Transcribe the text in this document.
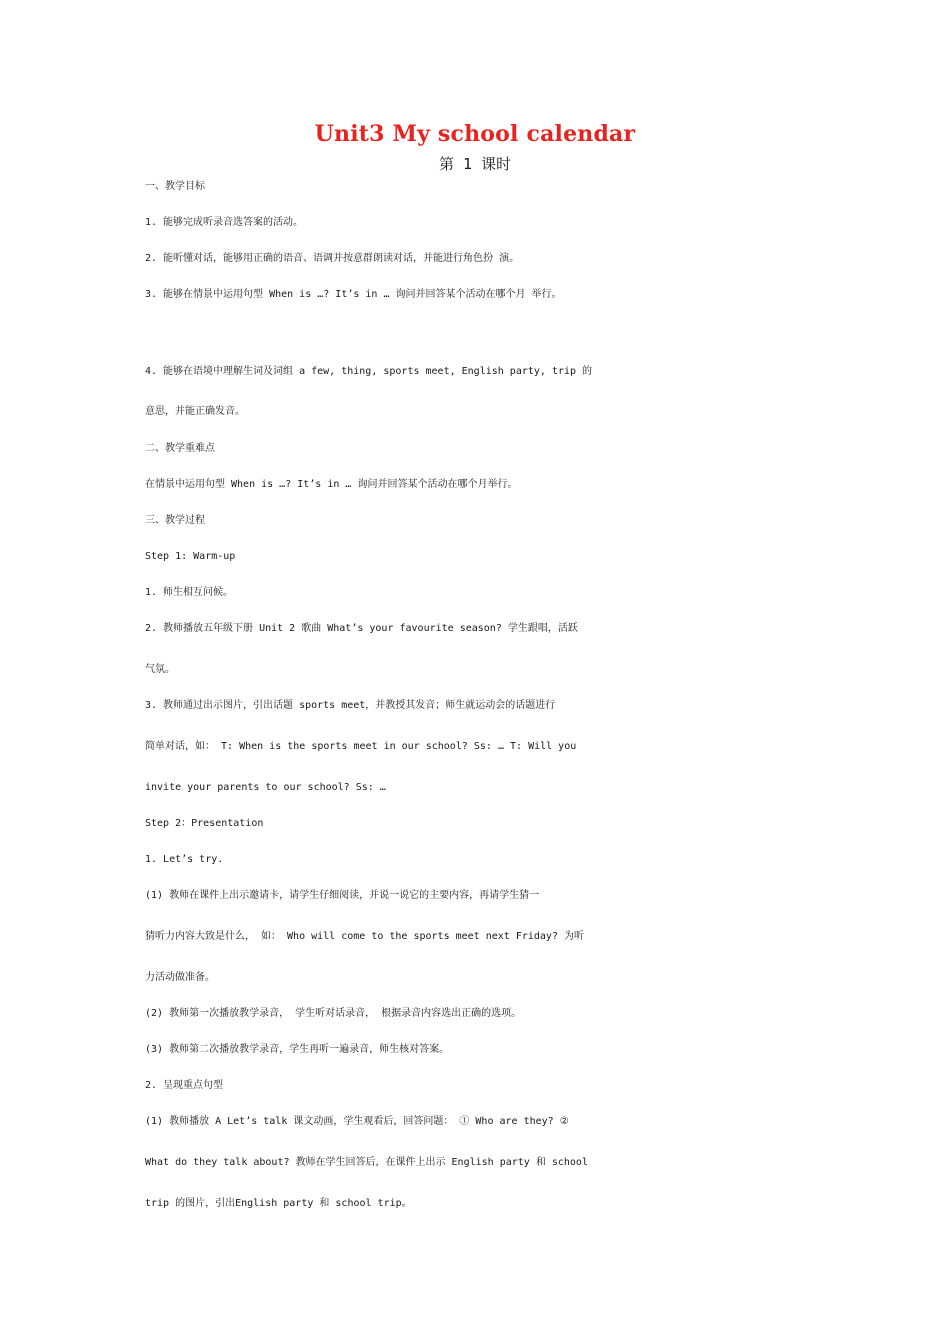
Unit3 My school calendar
第 1 课时
一、教学目标
1. 能够完成听录音选答案的活动。
2. 能听懂对话，能够用正确的语音、语调并按意群朗读对话，并能进行角色扮 演。
3. 能够在情景中运用句型 When is …? It’s in … 询问并回答某个活动在哪个月 举行。
4. 能够在语境中理解生词及词组 a few, thing, sports meet, English party, trip 的
意思，并能正确发音。
二、教学重难点
在情景中运用句型 When is …? It’s in … 询问并回答某个活动在哪个月举行。
三、教学过程
Step 1: Warm-up
1. 师生相互问候。
2. 教师播放五年级下册 Unit 2 歌曲 What’s your favourite season? 学生跟唱，活跃
气氛。
3. 教师通过出示图片，引出话题 sports meet，并教授其发音；师生就运动会的话题进行
简单对话，如： T: When is the sports meet in our school? Ss: … T: Will you
invite your parents to our school? Ss: …
Step 2：Presentation
1. Let’s try.
(1) 教师在课件上出示邀请卡，请学生仔细阅读，并说一说它的主要内容，再请学生猜一
猜听力内容大致是什么， 如： Who will come to the sports meet next Friday? 为听
力活动做准备。
(2) 教师第一次播放教学录音， 学生听对话录音， 根据录音内容选出正确的选项。
(3) 教师第二次播放教学录音，学生再听一遍录音，师生核对答案。
2. 呈现重点句型
(1) 教师播放 A Let’s talk 课文动画，学生观看后，回答问题： ① Who are they? ②
What do they talk about? 教师在学生回答后，在课件上出示 English party 和 school
trip 的图片，引出English party 和 school trip。
